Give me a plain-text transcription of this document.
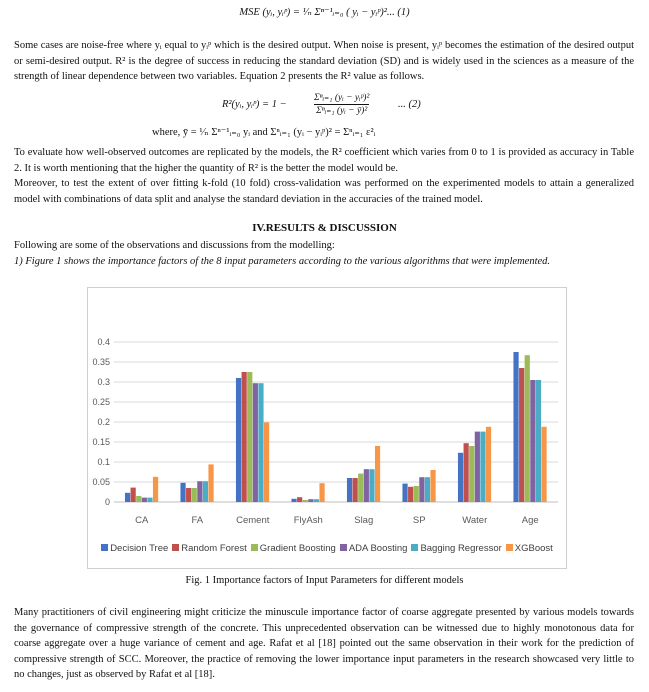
MSE (yᵢ, yᵢᵖ) = ¹⁄ₙ Σⁿ⁻¹ᵢ₌₀ ( yᵢ − yᵢᵖ)²... (1)
Some cases are noise-free where yᵢ equal to yᵢᵖ which is the desired output. When noise is present, yᵢᵖ becomes the estimation of the desired output or semi-desired output. R² is the degree of success in reducing the standard deviation (SD) and is widely used in the sciences as a measure of the strength of linear dependence between two variables. Equation 2 presents the R² value as follows.
R²(yᵢ, yᵢᵖ) = 1 −
Σⁿᵢ₌₁ (yᵢ − yᵢᵖ)²
Σⁿᵢ₌₁ (yᵢ − ȳ)²
... (2)
where, ȳ = ¹⁄ₙ Σⁿ⁻¹ᵢ₌₀ yᵢ and Σⁿᵢ₌₁ (yᵢ − yᵢᵖ)² = Σⁿᵢ₌₁ ε²ᵢ
To evaluate how well-observed outcomes are replicated by the models, the R² coefficient which varies from 0 to 1 is provided as accuracy in Table 2. It is worth mentioning that the higher the quantity of R² is the better the model would be.
Moreover, to test the extent of over fitting k-fold (10 fold) cross-validation was performed on the experimented models to attain a generalized model with combinations of data split and analyse the standard deviation in the accuracies of the trained model.
IV.RESULTS & DISCUSSION
Following are some of the observations and discussions from the modelling:
1) Figure 1 shows the importance factors of the 8 input parameters according to the various algorithms that were implemented.
0
0.05
0.1
0.15
0.2
0.25
0.3
0.35
0.4
CA	FA	Cement	FlyAsh	Slag	SP	Water	Age
Decision Tree Random Forest Gradient Boosting ADA Boosting Bagging Regressor XGBoost
Fig. 1 Importance factors of Input Parameters for different models
Many practitioners of civil engineering might criticize the minuscule importance factor of coarse aggregate presented by various models towards the governance of compressive strength of the concrete. This unprecedented observation can be witnessed due to highly monotonous data for coarse aggregate over a huge variance of cement and age. Rafat et al [18] pointed out the same observation in their work for the prediction of compressive strength of SCC. Moreover, the practice of removing the lower importance input parameters in the research showcased very little to no changes, just as observed by Rafat et al [18].
